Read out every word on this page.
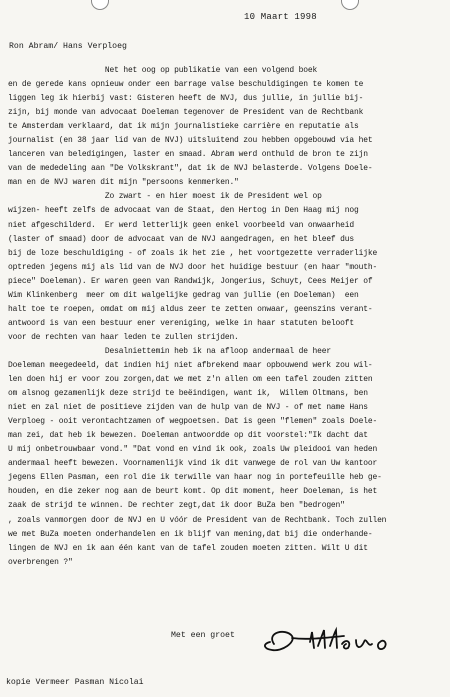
10 Maart 1998
Ron Abram/ Hans Verploeg
Net het oog op publikatie van een volgend boek
en de gerede kans opnieuw onder een barrage valse beschuldigingen te komen te
liggen leg ik hierbij vast: Gisteren heeft de NVJ, dus jullie, in jullie bij-
zijn, bij monde van advocaat Doeleman tegenover de President van de Rechtbank
te Amsterdam verklaard, dat ik mijn journalistieke carrière en reputatie als
journalist (en 38 jaar lid van de NVJ) uitsluitend zou hebben opgebouwd via het
lanceren van beledigingen, laster en smaad. Abram werd onthuld de bron te zijn
van de mededeling aan "De Volkskrant", dat ik de NVJ belasterde. Volgens Doele-
man en de NVJ waren dit mijn "persoons kenmerken."
Zo zwart - en hier moest ik de President wel op
wijzen- heeft zelfs de advocaat van de Staat, den Hertog in Den Haag mij nog
niet afgeschilderd.  Er werd letterlijk geen enkel voorbeeld van onwaarheid
(laster of smaad) door de advocaat van de NVJ aangedragen, en het bleef dus
bij de loze beschuldiging - of zoals ik het zie , het voortgezette verraderlijke
optreden jegens mij als lid van de NVJ door het huidige bestuur (en haar "mouth-
piece" Doeleman). Er waren geen van Randwijk, Jongerius, Schuyt, Cees Meijer of
Wim Klinkenberg  meer om dit walgelijke gedrag van jullie (en Doeleman)  een
halt toe te roepen, omdat om mij aldus zeer te zetten onwaar, geenszins verant-
antwoord is van een bestuur ener vereniging, welke in haar statuten belooft
voor de rechten van haar leden te zullen strijden.
Desalniettemin heb ik na afloop andermaal de heer
Doeleman meegedeeld, dat indien hij niet afbrekend maar opbouwend werk zou wil-
len doen hij er voor zou zorgen,dat we met z'n allen om een tafel zouden zitten
om alsnog gezamenlijk deze strijd te beëindigen, want ik,  Willem Oltmans, ben
niet en zal niet de positieve zijden van de hulp van de NVJ - of met name Hans
Verploeg - ooit verontachtzamen of wegpoetsen. Dat is geen "flemen" zoals Doele-
man zei, dat heb ik bewezen. Doeleman antwoordde op dit voorstel:"Ik dacht dat
U mij onbetrouwbaar vond." "Dat vond en vind ik ook, zoals Uw pleidooi van heden
andermaal heeft bewezen. Voornamenlijk vind ik dit vanwege de rol van Uw kantoor
jegens Ellen Pasman, een rol die ik terwille van haar nog in portefeuille heb ge-
houden, en die zeker nog aan de beurt komt. Op dit moment, heer Doeleman, is het
zaak de strijd te winnen. De rechter zegt,dat ik door BuZa ben "bedrogen"
, zoals vanmorgen door de NVJ en U vóór de President van de Rechtbank. Toch zullen
we met BuZa moeten onderhandelen en ik blijf van mening,dat bij die onderhande-
lingen de NVJ en ik aan één kant van de tafel zouden moeten zitten. Wilt U dit
overbrengen ?"
Met een groet
kopie Vermeer Pasman Nicolai
